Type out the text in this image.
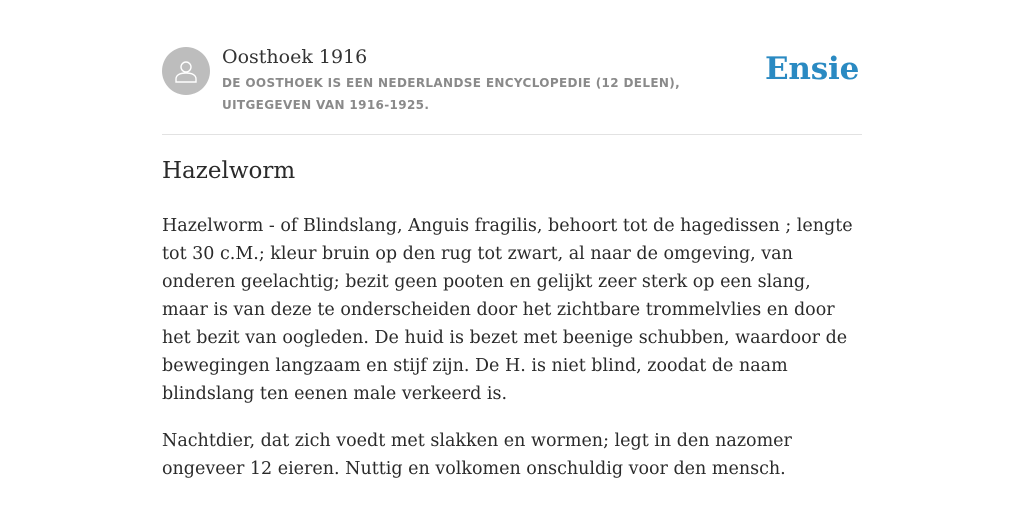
Oosthoek 1916
DE OOSTHOEK IS EEN NEDERLANDSE ENCYCLOPEDIE (12 DELEN), UITGEGEVEN VAN 1916-1925.
Ensie
Hazelworm

Hazelworm - of Blindslang, Anguis fragilis, behoort tot de hagedissen ; lengte tot 30 c.M.; kleur bruin op den rug tot zwart, al naar de omgeving, van onderen geelachtig; bezit geen pooten en gelijkt zeer sterk op een slang, maar is van deze te onderscheiden door het zichtbare trommelvlies en door het bezit van oogleden. De huid is bezet met beenige schubben, waardoor de bewegingen langzaam en stijf zijn. De H. is niet blind, zoodat de naam blindslang ten eenen male verkeerd is.

Nachtdier, dat zich voedt met slakken en wormen; legt in den nazomer ongeveer 12 eieren. Nuttig en volkomen onschuldig voor den mensch.
